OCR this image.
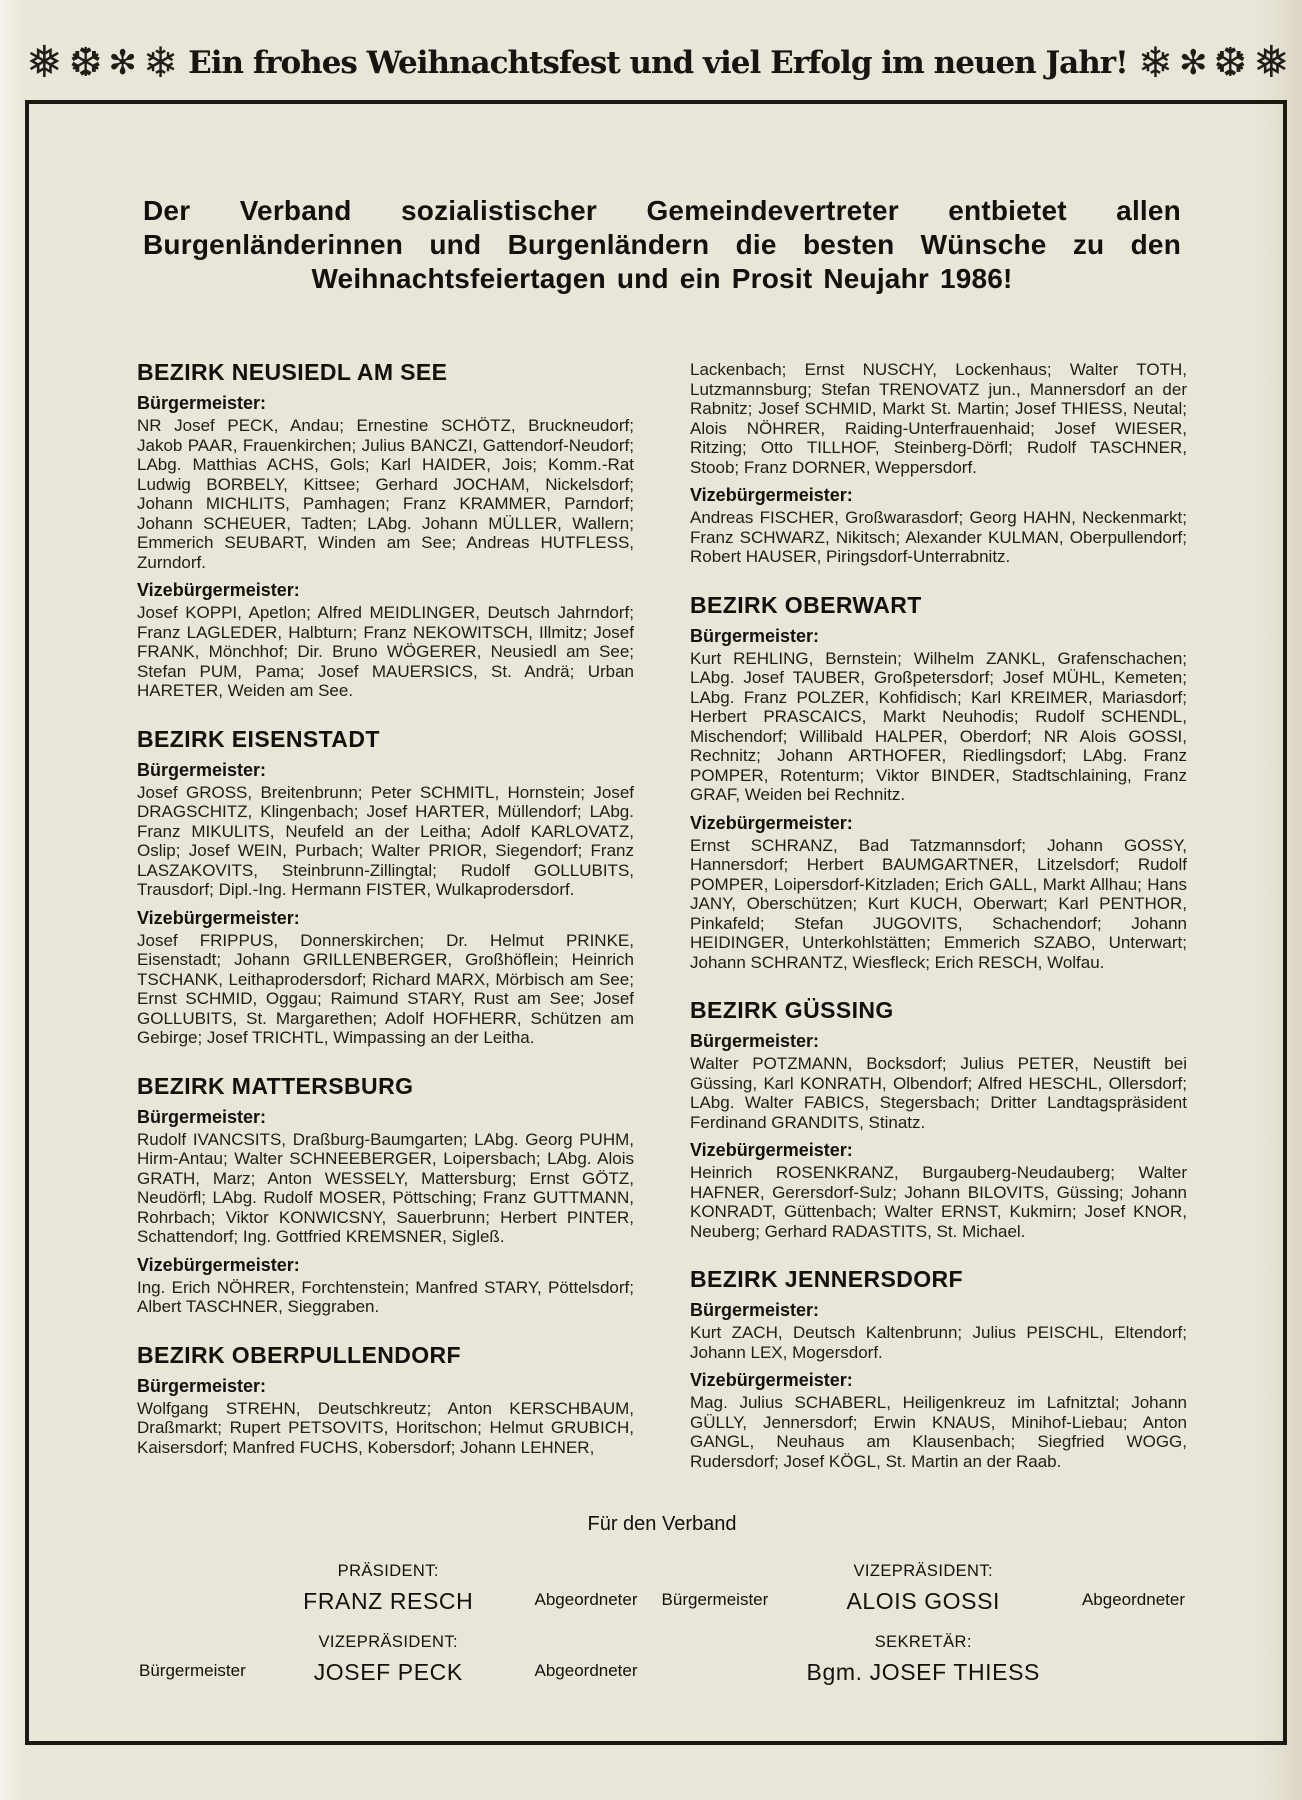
❅ ❆ ✻ ❄ Ein frohes Weihnachtsfest und viel Erfolg im neuen Jahr! ❄ ✻ ❆ ❅

Der Verband sozialistischer Gemeindevertreter entbietet allen Burgenländerinnen und Burgenländern die besten Wünsche zu den Weihnachtsfeiertagen und ein Prosit Neujahr 1986!

BEZIRK NEUSIEDL AM SEE
Bürgermeister:

NR Josef PECK, Andau; Ernestine SCHÖTZ, Bruckneudorf; Jakob PAAR, Frauenkirchen; Julius BANCZI, Gattendorf-Neudorf; LAbg. Matthias ACHS, Gols; Karl HAIDER, Jois; Komm.-Rat Ludwig BORBELY, Kittsee; Gerhard JOCHAM, Nickelsdorf; Johann MICHLITS, Pamhagen; Franz KRAMMER, Parndorf; Johann SCHEUER, Tadten; LAbg. Johann MÜLLER, Wallern; Emmerich SEUBART, Winden am See; Andreas HUTFLESS, Zurndorf.

Vizebürgermeister:

Josef KOPPI, Apetlon; Alfred MEIDLINGER, Deutsch Jahrndorf; Franz LAGLEDER, Halbturn; Franz NEKOWITSCH, Illmitz; Josef FRANK, Mönchhof; Dir. Bruno WÖGERER, Neusiedl am See; Stefan PUM, Pama; Josef MAUERSICS, St. Andrä; Urban HARETER, Weiden am See.

BEZIRK EISENSTADT
Bürgermeister:

Josef GROSS, Breitenbrunn; Peter SCHMITL, Hornstein; Josef DRAGSCHITZ, Klingenbach; Josef HARTER, Müllendorf; LAbg. Franz MIKULITS, Neufeld an der Leitha; Adolf KARLOVATZ, Oslip; Josef WEIN, Purbach; Walter PRIOR, Siegendorf; Franz LASZAKOVITS, Steinbrunn-Zillingtal; Rudolf GOLLUBITS, Trausdorf; Dipl.-Ing. Hermann FISTER, Wulkaprodersdorf.

Vizebürgermeister:

Josef FRIPPUS, Donnerskirchen; Dr. Helmut PRINKE, Eisenstadt; Johann GRILLENBERGER, Großhöflein; Heinrich TSCHANK, Leithaprodersdorf; Richard MARX, Mörbisch am See; Ernst SCHMID, Oggau; Raimund STARY, Rust am See; Josef GOLLUBITS, St. Margarethen; Adolf HOFHERR, Schützen am Gebirge; Josef TRICHTL, Wimpassing an der Leitha.

BEZIRK MATTERSBURG
Bürgermeister:

Rudolf IVANCSITS, Draßburg-Baumgarten; LAbg. Georg PUHM, Hirm-Antau; Walter SCHNEEBERGER, Loipersbach; LAbg. Alois GRATH, Marz; Anton WESSELY, Mattersburg; Ernst GÖTZ, Neudörfl; LAbg. Rudolf MOSER, Pöttsching; Franz GUTTMANN, Rohrbach; Viktor KONWICSNY, Sauerbrunn; Herbert PINTER, Schattendorf; Ing. Gottfried KREMSNER, Sigleß.

Vizebürgermeister:

Ing. Erich NÖHRER, Forchtenstein; Manfred STARY, Pöttelsdorf; Albert TASCHNER, Sieggraben.

BEZIRK OBERPULLENDORF
Bürgermeister:

Wolfgang STREHN, Deutschkreutz; Anton KERSCHBAUM, Draßmarkt; Rupert PETSOVITS, Horitschon; Helmut GRUBICH, Kaisersdorf; Manfred FUCHS, Kobersdorf; Johann LEHNER,

Lackenbach; Ernst NUSCHY, Lockenhaus; Walter TOTH, Lutzmannsburg; Stefan TRENOVATZ jun., Mannersdorf an der Rabnitz; Josef SCHMID, Markt St. Martin; Josef THIESS, Neutal; Alois NÖHRER, Raiding-Unterfrauenhaid; Josef WIESER, Ritzing; Otto TILLHOF, Steinberg-Dörfl; Rudolf TASCHNER, Stoob; Franz DORNER, Weppersdorf.

Vizebürgermeister:

Andreas FISCHER, Großwarasdorf; Georg HAHN, Neckenmarkt; Franz SCHWARZ, Nikitsch; Alexander KULMAN, Oberpullendorf; Robert HAUSER, Piringsdorf-Unterrabnitz.

BEZIRK OBERWART
Bürgermeister:

Kurt REHLING, Bernstein; Wilhelm ZANKL, Grafenschachen; LAbg. Josef TAUBER, Großpetersdorf; Josef MÜHL, Kemeten; LAbg. Franz POLZER, Kohfidisch; Karl KREIMER, Mariasdorf; Herbert PRASCAICS, Markt Neuhodis; Rudolf SCHENDL, Mischendorf; Willibald HALPER, Oberdorf; NR Alois GOSSI, Rechnitz; Johann ARTHOFER, Riedlingsdorf; LAbg. Franz POMPER, Rotenturm; Viktor BINDER, Stadtschlaining, Franz GRAF, Weiden bei Rechnitz.

Vizebürgermeister:

Ernst SCHRANZ, Bad Tatzmannsdorf; Johann GOSSY, Hannersdorf; Herbert BAUMGARTNER, Litzelsdorf; Rudolf POMPER, Loipersdorf-Kitzladen; Erich GALL, Markt Allhau; Hans JANY, Oberschützen; Kurt KUCH, Oberwart; Karl PENTHOR, Pinkafeld; Stefan JUGOVITS, Schachendorf; Johann HEIDINGER, Unterkohlstätten; Emmerich SZABO, Unterwart; Johann SCHRANTZ, Wiesfleck; Erich RESCH, Wolfau.

BEZIRK GÜSSING
Bürgermeister:

Walter POTZMANN, Bocksdorf; Julius PETER, Neustift bei Güssing, Karl KONRATH, Olbendorf; Alfred HESCHL, Ollersdorf; LAbg. Walter FABICS, Stegersbach; Dritter Landtagspräsident Ferdinand GRANDITS, Stinatz.

Vizebürgermeister:

Heinrich ROSENKRANZ, Burgauberg-Neudauberg; Walter HAFNER, Gerersdorf-Sulz; Johann BILOVITS, Güssing; Johann KONRADT, Güttenbach; Walter ERNST, Kukmirn; Josef KNOR, Neuberg; Gerhard RADASTITS, St. Michael.

BEZIRK JENNERSDORF
Bürgermeister:

Kurt ZACH, Deutsch Kaltenbrunn; Julius PEISCHL, Eltendorf; Johann LEX, Mogersdorf.

Vizebürgermeister:

Mag. Julius SCHABERL, Heiligenkreuz im Lafnitztal; Johann GÜLLY, Jennersdorf; Erwin KNAUS, Minihof-Liebau; Anton GANGL, Neuhaus am Klausenbach; Siegfried WOGG, Rudersdorf; Josef KÖGL, St. Martin an der Raab.

Für den Verband

PRÄSIDENT:
FRANZ RESCH	Abgeordneter Bürgermeister
VIZEPRÄSIDENT:
ALOIS GOSSI	Abgeordneter
Bürgermeister
VIZEPRÄSIDENT:
JOSEF PECK	Abgeordneter
SEKRETÄR:
Bgm. JOSEF THIESS
